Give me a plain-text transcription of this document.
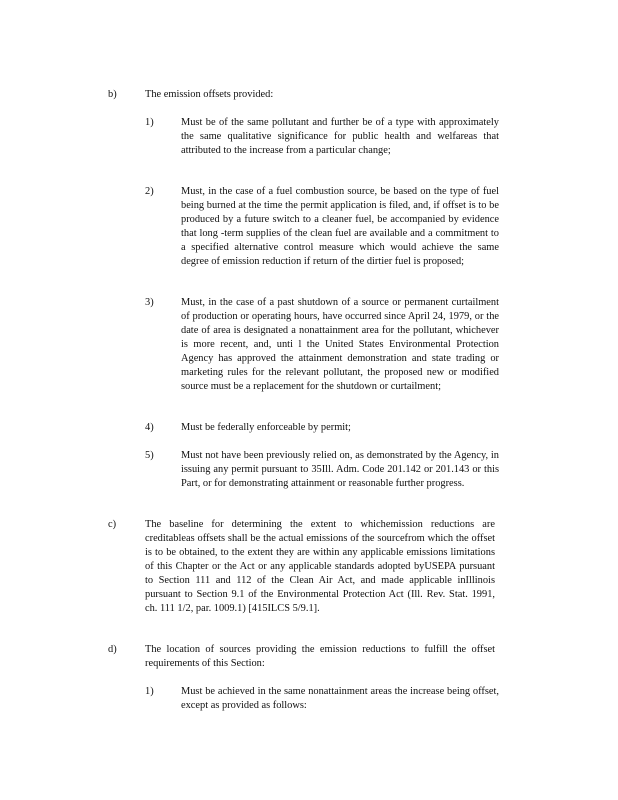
b)	The emission offsets provided:
1)	Must be of the same pollutant and further be of a type with approximately the same qualitative significance for public health and welfareas that attributed to the increase from a particular change;
2)	Must, in the case of a fuel combustion source, be based on the type of fuel being burned at the time the permit application is filed, and, if offset is to be produced by a future switch to a cleaner fuel, be accompanied by evidence that long -term supplies of the clean fuel are available and a commitment to a specified alternative control measure which would achieve the same degree of emission reduction if return of the dirtier fuel is proposed;
3)	Must, in the case of a past shutdown of a source or permanent curtailment of production or operating hours, have occurred since April 24, 1979, or the date of area is designated a nonattainment area for the pollutant, whichever is more recent, and, unti l the United States Environmental Protection Agency has approved the attainment demonstration and state trading or marketing rules for the relevant pollutant, the proposed new or modified source must be a replacement for the shutdown or curtailment;
4)	Must be federally enforceable by permit;
5)	Must not have been previously relied on, as demonstrated by the Agency, in issuing any permit pursuant to 35Ill. Adm. Code 201.142 or 201.143 or this Part, or for demonstrating attainment or reasonable further progress.
c)	The baseline for determining the extent to whichemission reductions are creditableas offsets shall be the actual emissions of the sourcefrom which the offset is to be obtained, to the extent they are within any applicable emissions limitations of this Chapter or the Act or any applicable standards adopted byUSEPA pursuant to Section 111 and 112 of the Clean Air Act, and made applicable inIllinois pursuant to Section 9.1 of the Environmental Protection Act (Ill. Rev. Stat. 1991, ch. 111 1/2, par. 1009.1) [415ILCS 5/9.1].
d)	The location of sources providing the emission reductions to fulfill the offset requirements of this Section:
1)	Must be achieved in the same nonattainment areas the increase being offset, except as provided as follows:
